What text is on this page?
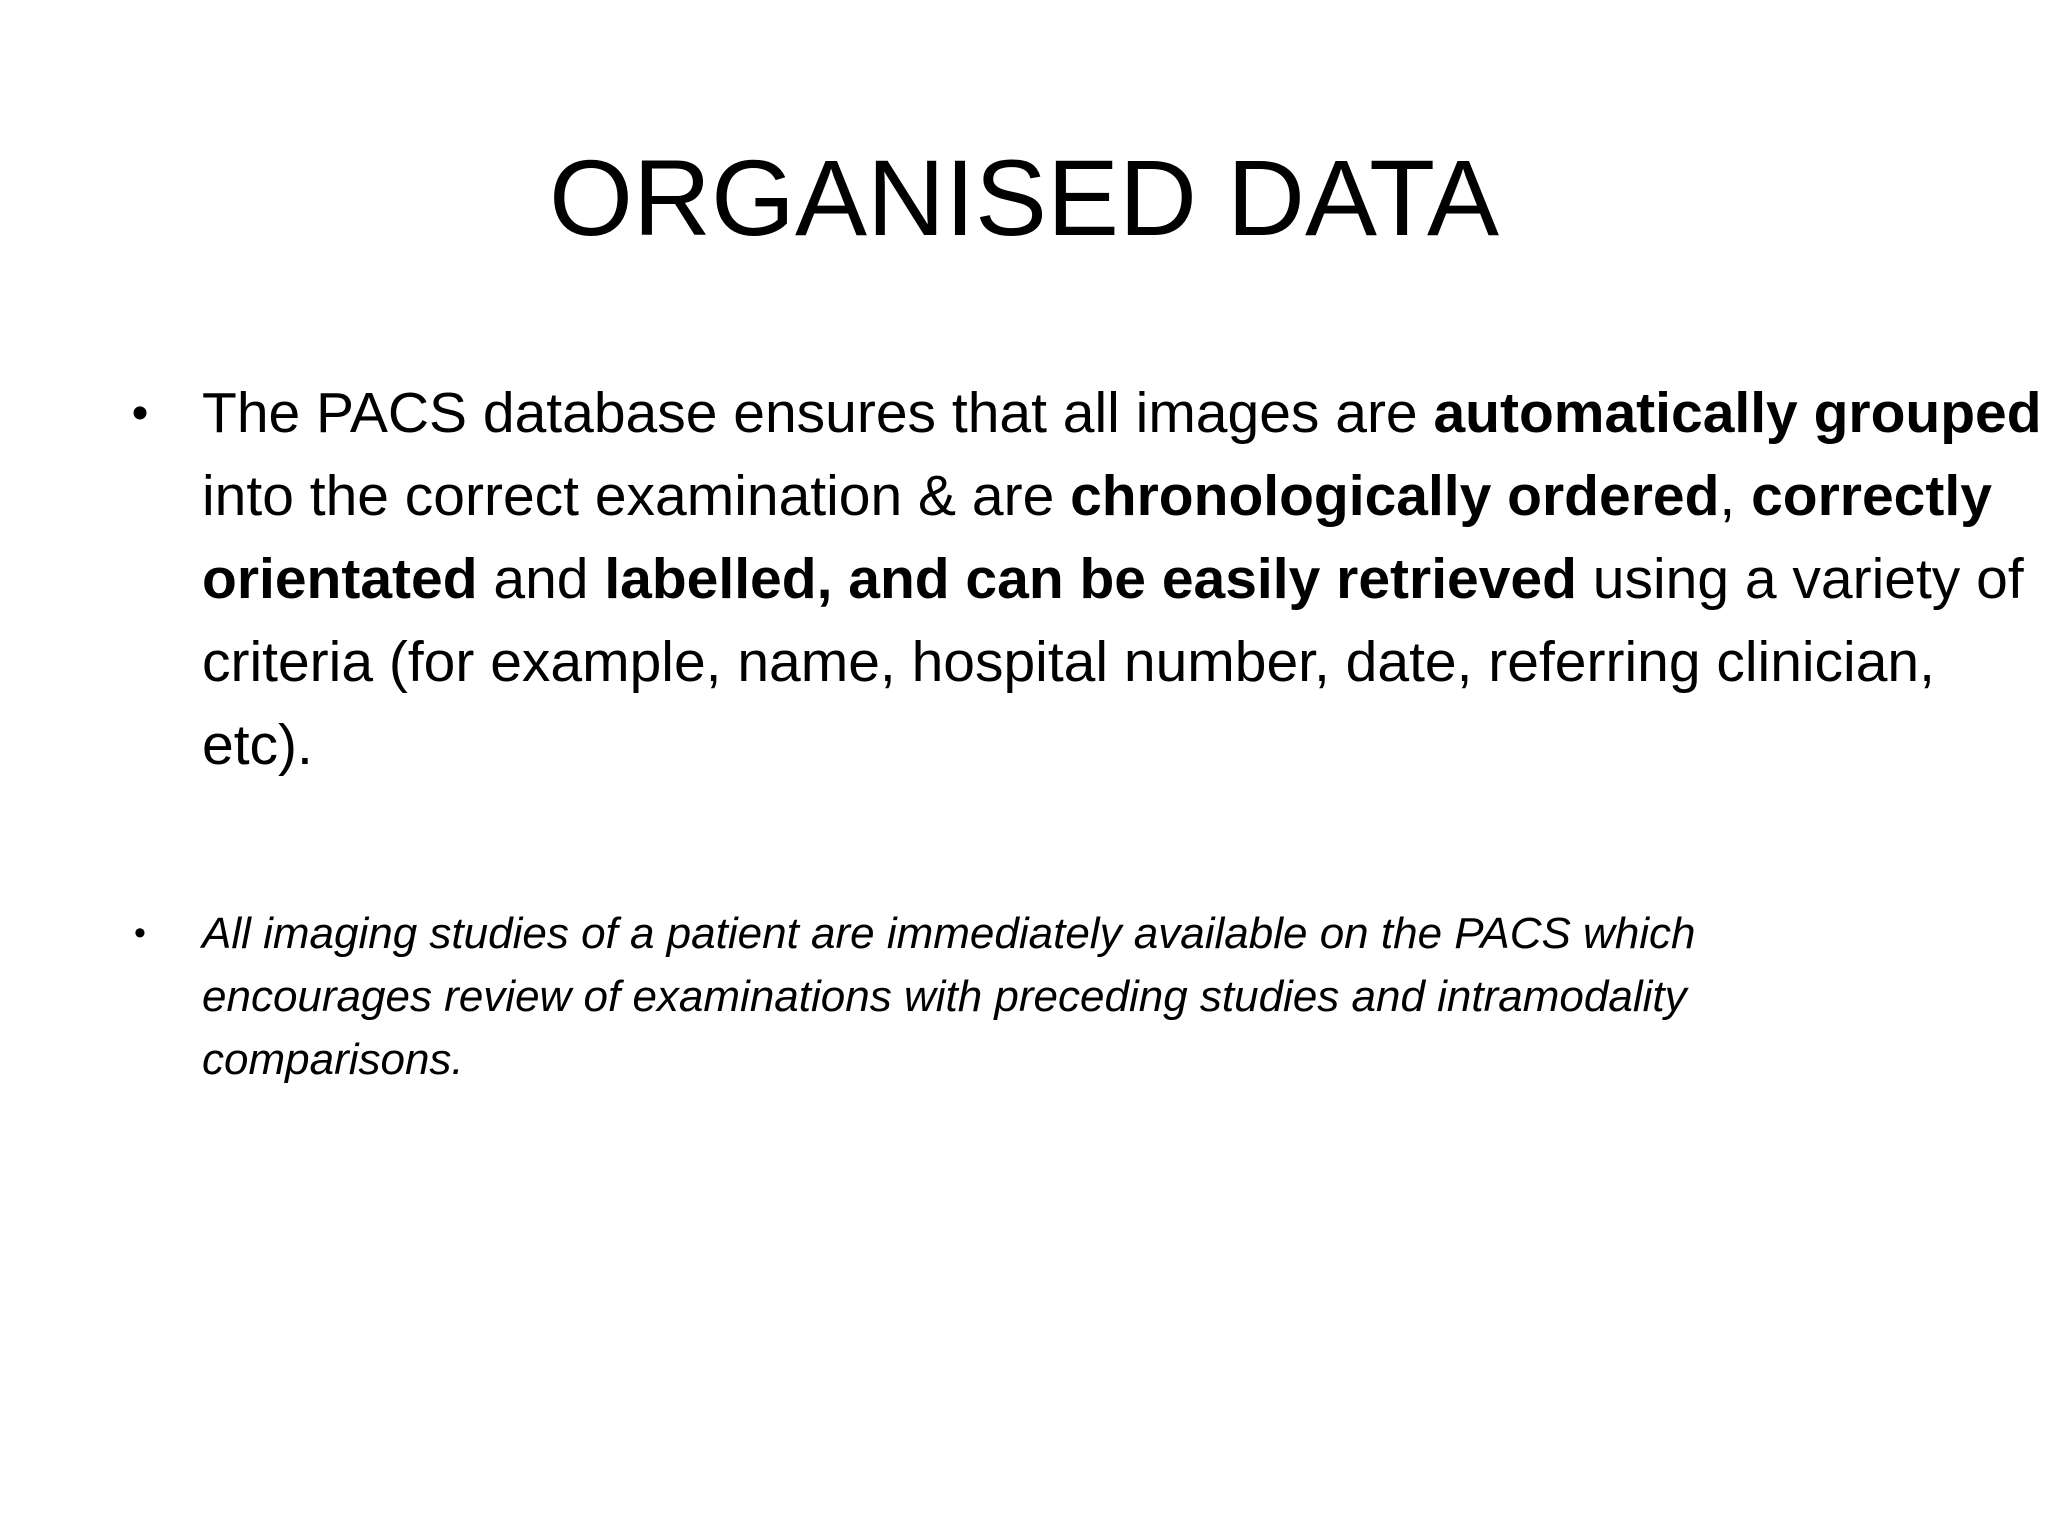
ORGANISED DATA
• The PACS database ensures that all images are automatically grouped into the correct examination & are chronologically ordered, correctly orientated and labelled, and can be easily retrieved using a variety of criteria (for example, name, hospital number, date, referring clinician, etc).
•	All imaging studies of a patient are immediately available on the PACS which encourages review of examinations with preceding studies and intramodality comparisons.
